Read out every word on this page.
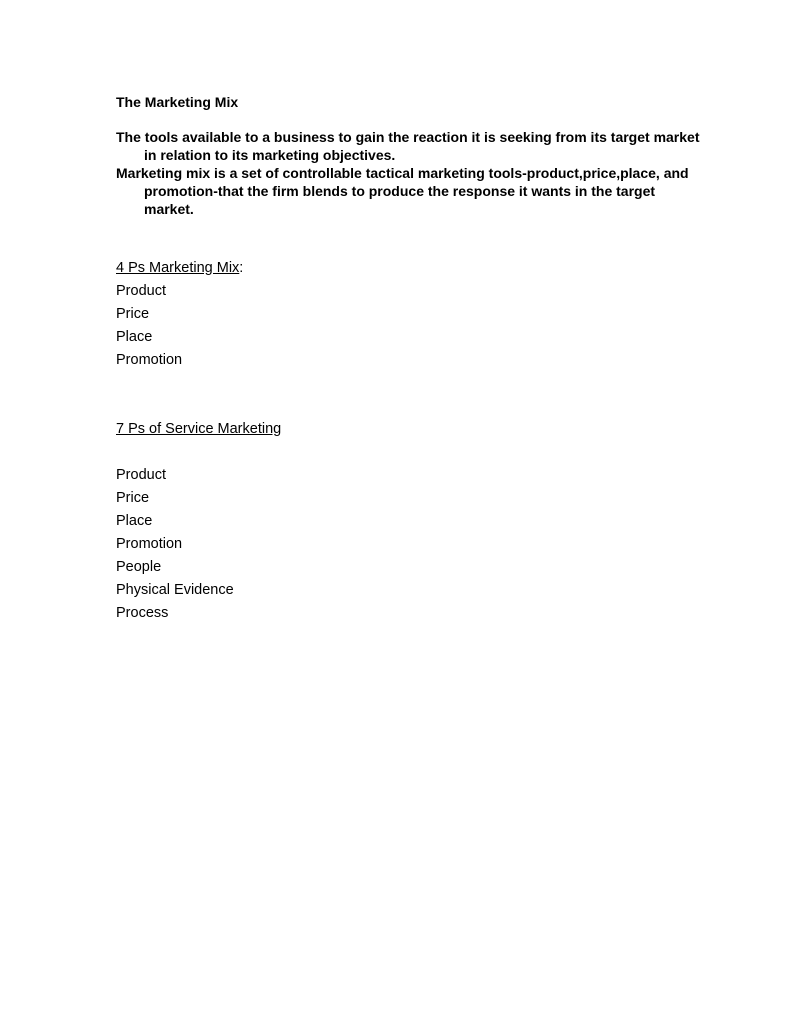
The Marketing Mix
The tools available to a business to gain the reaction it is seeking from its target market in relation to its marketing objectives.
Marketing mix is a set of controllable tactical marketing tools-product,price,place, and promotion-that the firm blends to produce the response it wants in the target market.
4 Ps Marketing Mix:
Product
Price
Place
Promotion
7 Ps of Service Marketing
Product
Price
Place
Promotion
People
Physical Evidence
Process
